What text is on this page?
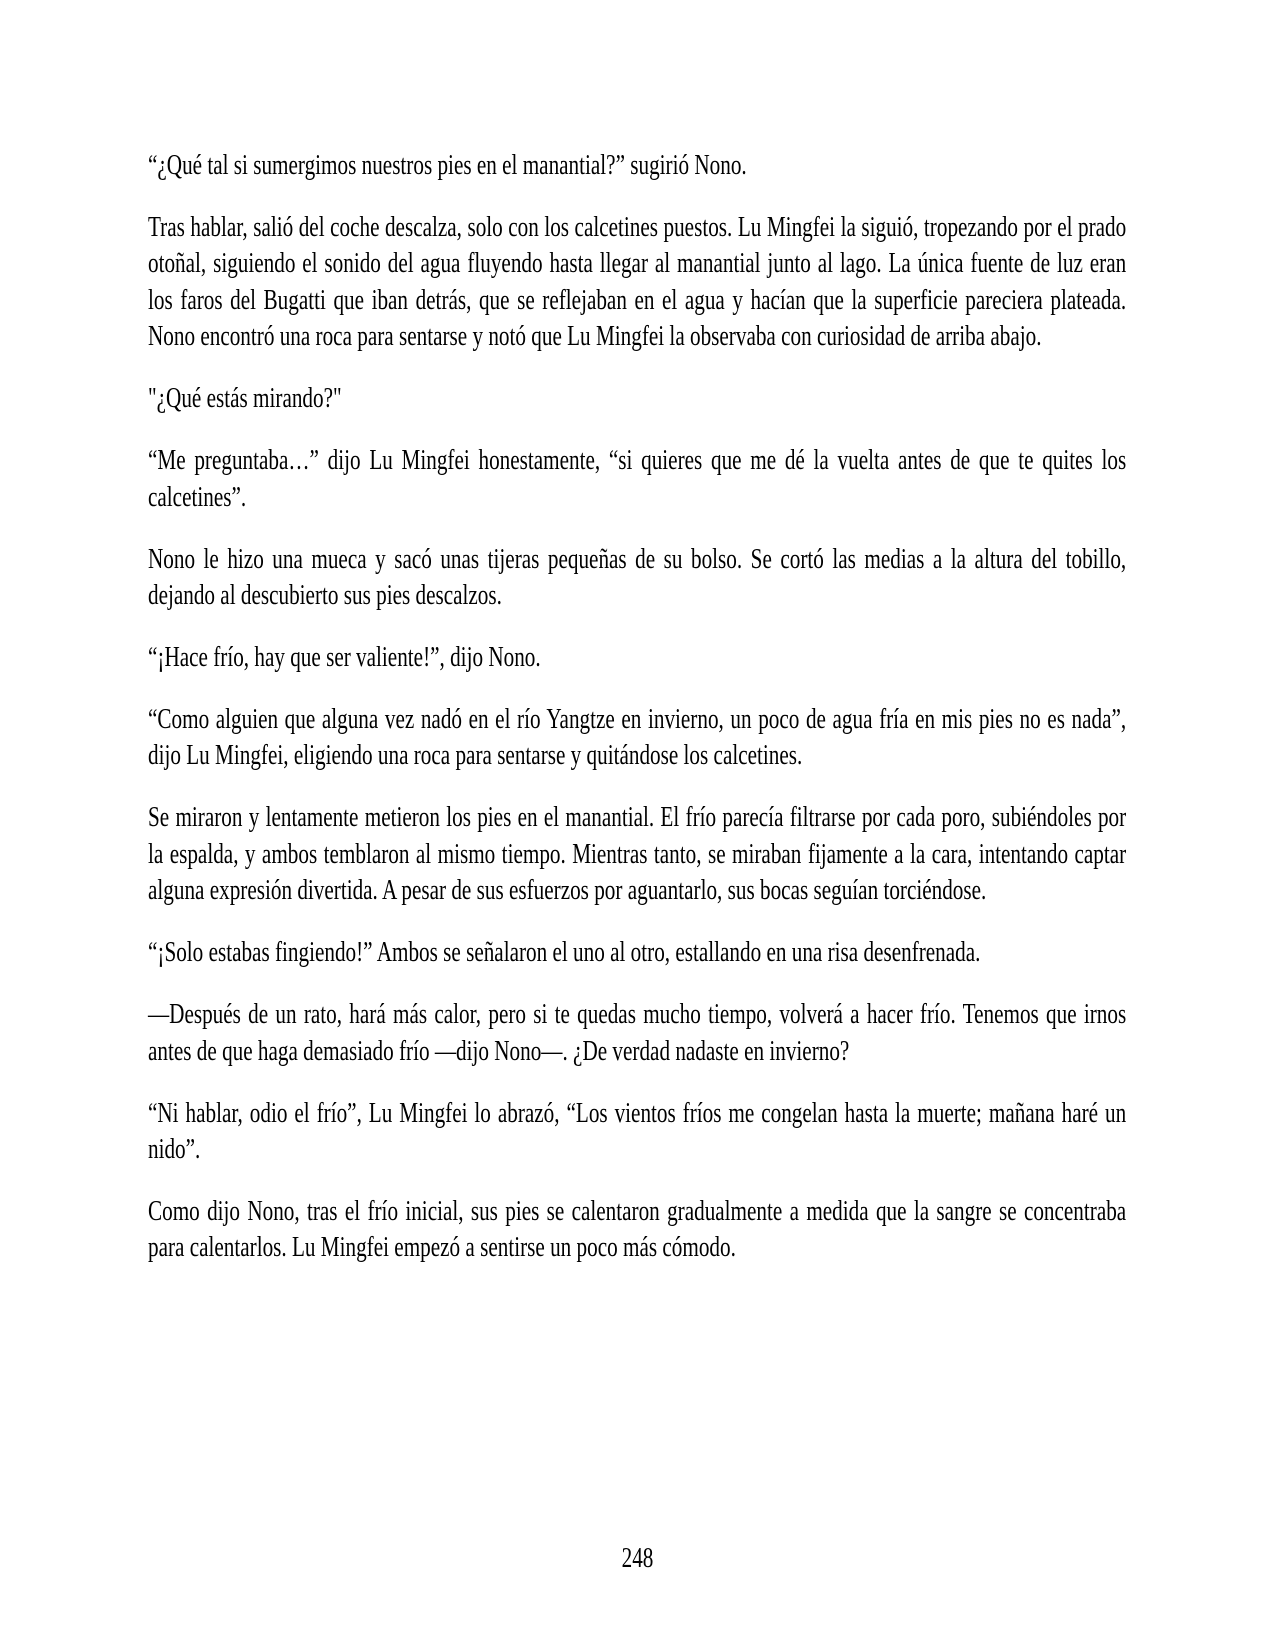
“¿Qué tal si sumergimos nuestros pies en el manantial?” sugirió Nono.

Tras hablar, salió del coche descalza, solo con los calcetines puestos. Lu Mingfei la siguió, tropezando por el prado otoñal, siguiendo el sonido del agua fluyendo hasta llegar al manantial junto al lago. La única fuente de luz eran los faros del Bugatti que iban detrás, que se reflejaban en el agua y hacían que la superficie pareciera plateada. Nono encontró una roca para sentarse y notó que Lu Mingfei la observaba con curiosidad de arriba abajo.

"¿Qué estás mirando?"

“Me preguntaba…” dijo Lu Mingfei honestamente, “si quieres que me dé la vuelta antes de que te quites los calcetines”.

Nono le hizo una mueca y sacó unas tijeras pequeñas de su bolso. Se cortó las medias a la altura del tobillo, dejando al descubierto sus pies descalzos.

“¡Hace frío, hay que ser valiente!”, dijo Nono.

“Como alguien que alguna vez nadó en el río Yangtze en invierno, un poco de agua fría en mis pies no es nada”, dijo Lu Mingfei, eligiendo una roca para sentarse y quitándose los calcetines.

Se miraron y lentamente metieron los pies en el manantial. El frío parecía filtrarse por cada poro, subiéndoles por la espalda, y ambos temblaron al mismo tiempo. Mientras tanto, se miraban fijamente a la cara, intentando captar alguna expresión divertida. A pesar de sus esfuerzos por aguantarlo, sus bocas seguían torciéndose.

“¡Solo estabas fingiendo!” Ambos se señalaron el uno al otro, estallando en una risa desenfrenada.

—Después de un rato, hará más calor, pero si te quedas mucho tiempo, volverá a hacer frío. Tenemos que irnos antes de que haga demasiado frío —dijo Nono—. ¿De verdad nadaste en invierno?

“Ni hablar, odio el frío”, Lu Mingfei lo abrazó, “Los vientos fríos me congelan hasta la muerte; mañana haré un nido”.

Como dijo Nono, tras el frío inicial, sus pies se calentaron gradualmente a medida que la sangre se concentraba para calentarlos. Lu Mingfei empezó a sentirse un poco más cómodo.

248
